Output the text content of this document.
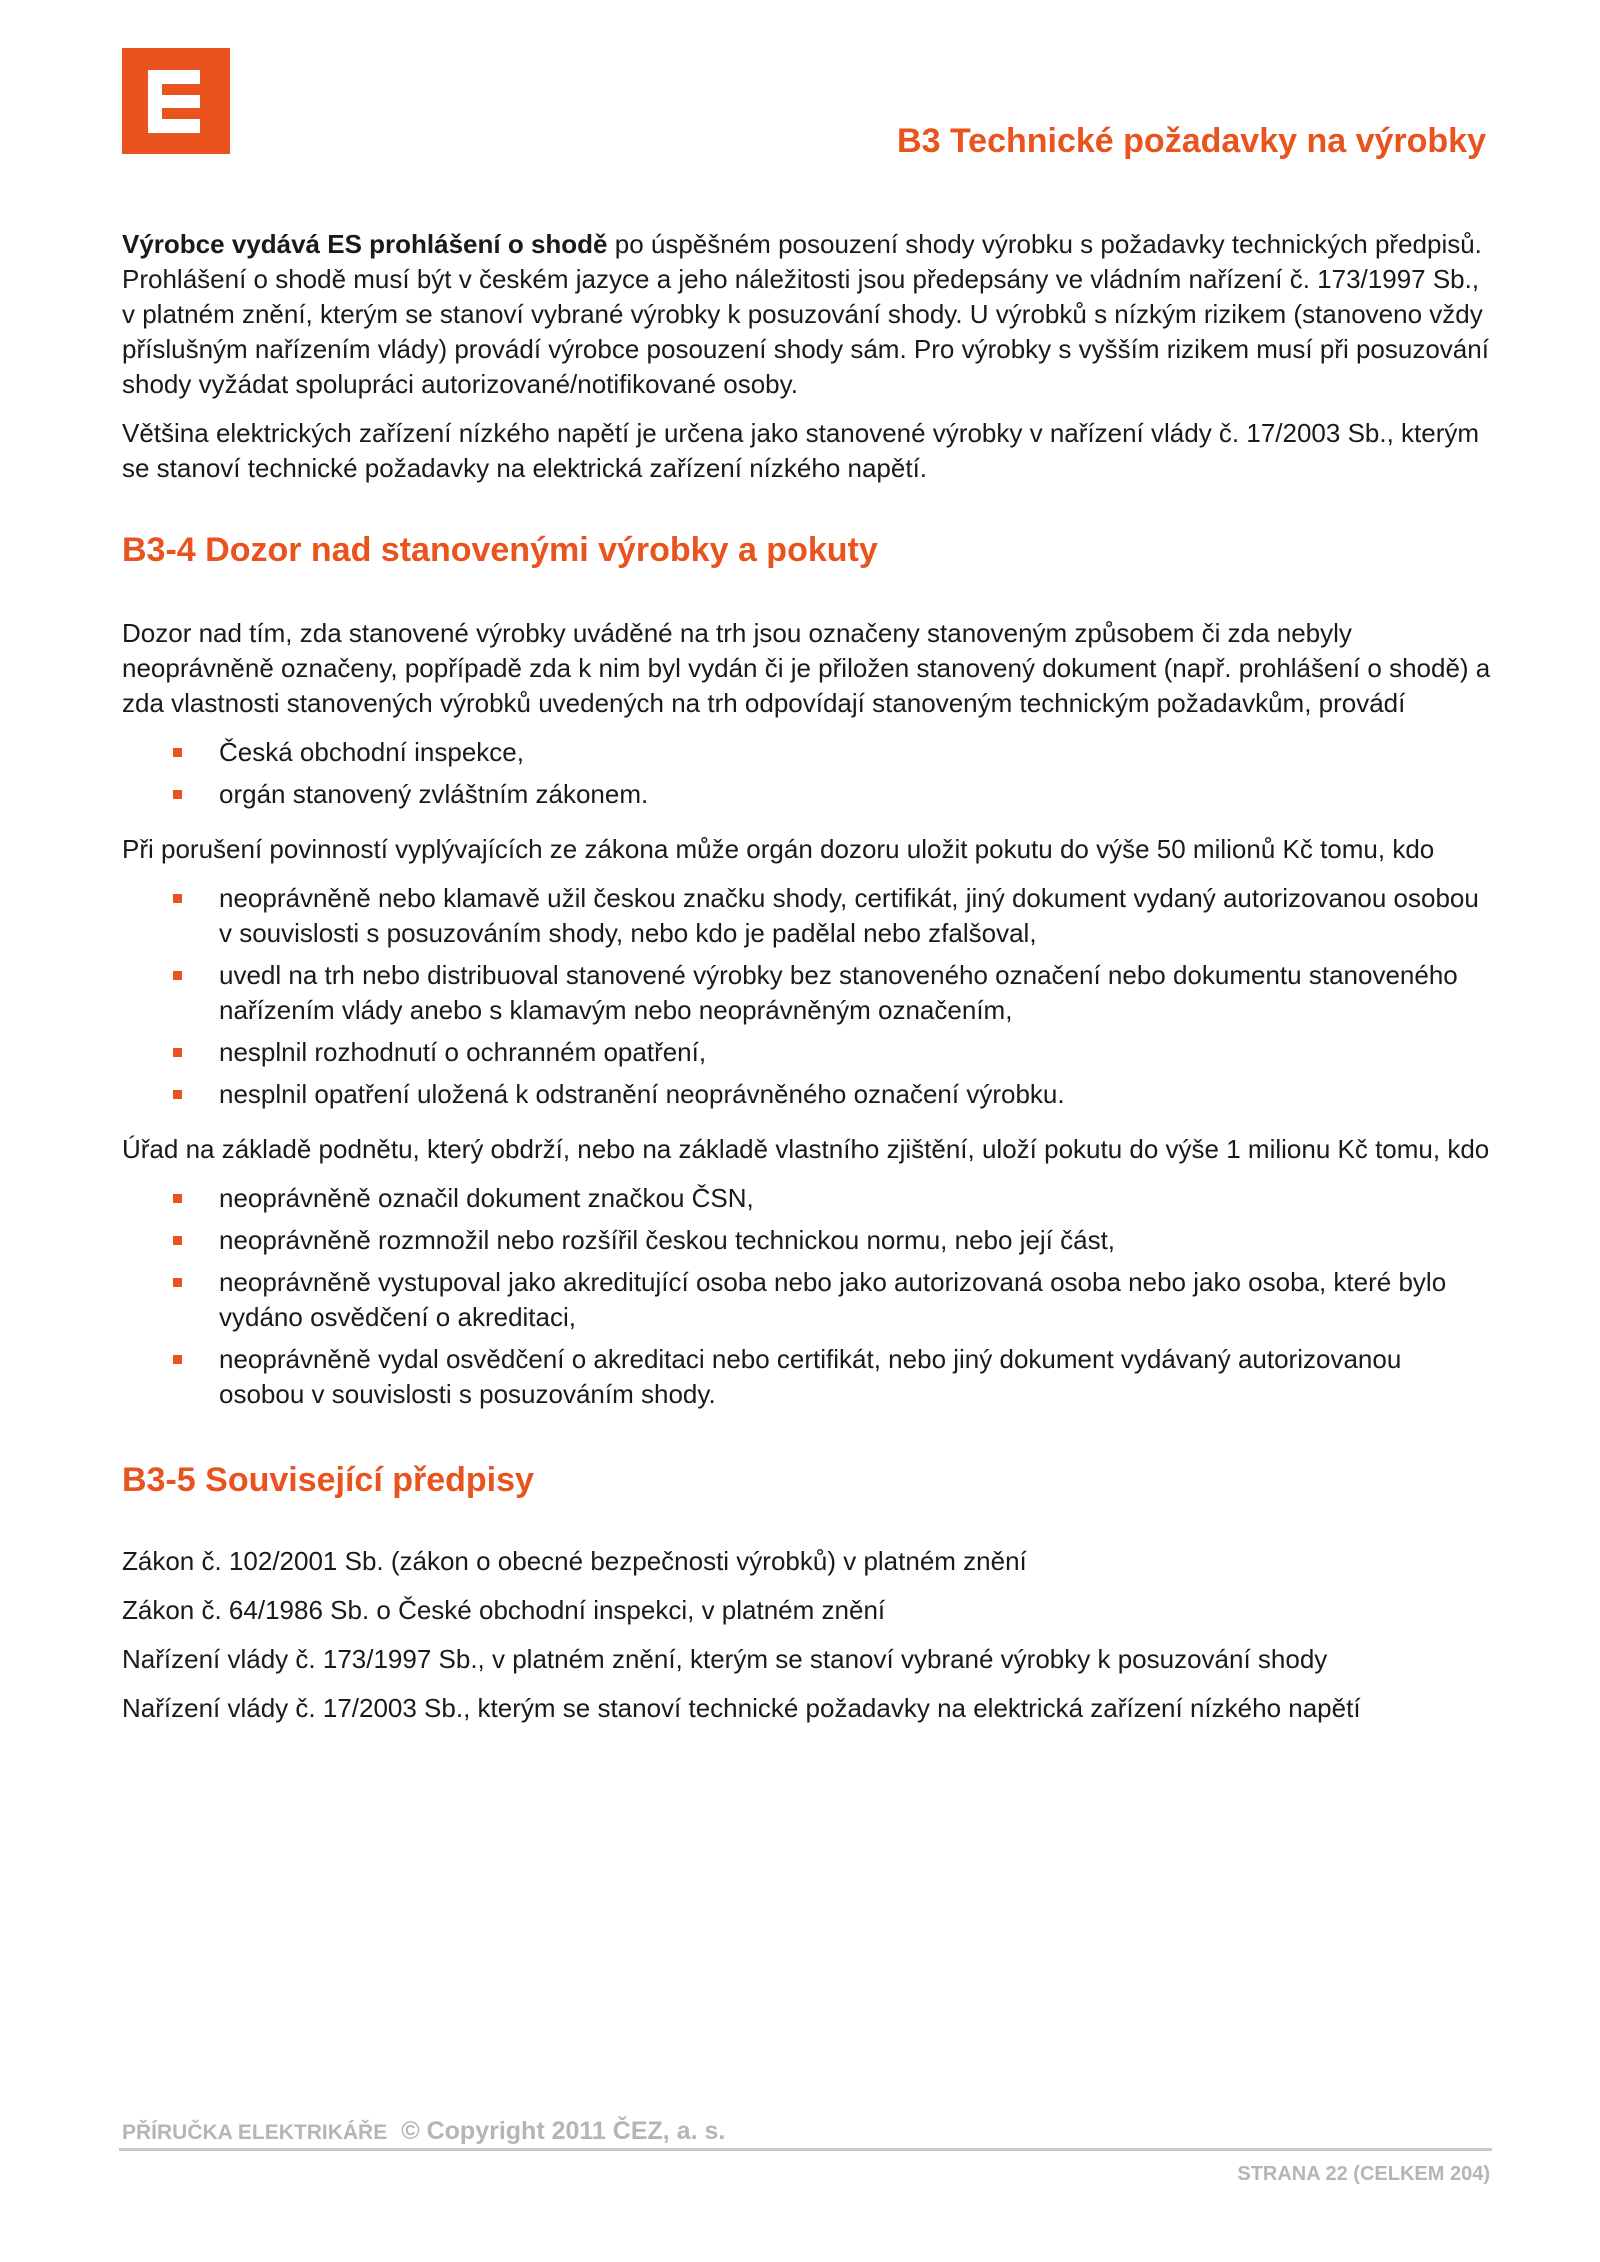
B3 Technické požadavky na výrobky

Výrobce vydává ES prohlášení o shodě po úspěšném posouzení shody výrobku s požadavky technických předpisů. Prohlášení o shodě musí být v českém jazyce a jeho náležitosti jsou předepsány ve vládním nařízení č. 173/1997 Sb., v platném znění, kterým se stanoví vybrané výrobky k posuzování shody. U výrobků s nízkým rizikem (stanoveno vždy příslušným nařízením vlády) provádí výrobce posouzení shody sám. Pro výrobky s vyšším rizikem musí při posuzování shody vyžádat spolupráci autorizované/notifikované osoby.

Většina elektrických zařízení nízkého napětí je určena jako stanovené výrobky v nařízení vlády č. 17/2003 Sb., kterým se stanoví technické požadavky na elektrická zařízení nízkého napětí.

B3-4 Dozor nad stanovenými výrobky a pokuty

Dozor nad tím, zda stanovené výrobky uváděné na trh jsou označeny stanoveným způsobem či zda nebyly neoprávněně označeny, popřípadě zda k nim byl vydán či je přiložen stanovený dokument (např. prohlášení o shodě) a zda vlastnosti stanovených výrobků uvedených na trh odpovídají stanoveným technickým požadavkům, provádí

Česká obchodní inspekce,
orgán stanovený zvláštním zákonem.

Při porušení povinností vyplývajících ze zákona může orgán dozoru uložit pokutu do výše 50 milionů Kč tomu, kdo

neoprávněně nebo klamavě užil českou značku shody, certifikát, jiný dokument vydaný autorizovanou osobou v souvislosti s posuzováním shody, nebo kdo je padělal nebo zfalšoval,
uvedl na trh nebo distribuoval stanovené výrobky bez stanoveného označení nebo dokumentu stanoveného nařízením vlády anebo s klamavým nebo neoprávněným označením,
nesplnil rozhodnutí o ochranném opatření,
nesplnil opatření uložená k odstranění neoprávněného označení výrobku.

Úřad na základě podnětu, který obdrží, nebo na základě vlastního zjištění, uloží pokutu do výše 1 milionu Kč tomu, kdo

neoprávněně označil dokument značkou ČSN,
neoprávněně rozmnožil nebo rozšířil českou technickou normu, nebo její část,
neoprávněně vystupoval jako akreditující osoba nebo jako autorizovaná osoba nebo jako osoba, které bylo vydáno osvědčení o akreditaci,
neoprávněně vydal osvědčení o akreditaci nebo certifikát, nebo jiný dokument vydávaný autorizovanou osobou v souvislosti s posuzováním shody.
B3-5 Související předpisy

Zákon č. 102/2001 Sb. (zákon o obecné bezpečnosti výrobků) v platném znění

Zákon č. 64/1986 Sb. o České obchodní inspekci, v platném znění

Nařízení vlády č. 173/1997 Sb., v platném znění, kterým se stanoví vybrané výrobky k posuzování shody

Nařízení vlády č. 17/2003 Sb., kterým se stanoví technické požadavky na elektrická zařízení nízkého napětí

PŘÍRUČKA ELEKTRIKÁŘE © Copyright 2011 ČEZ, a. s.

STRANA 22 (CELKEM 204)
